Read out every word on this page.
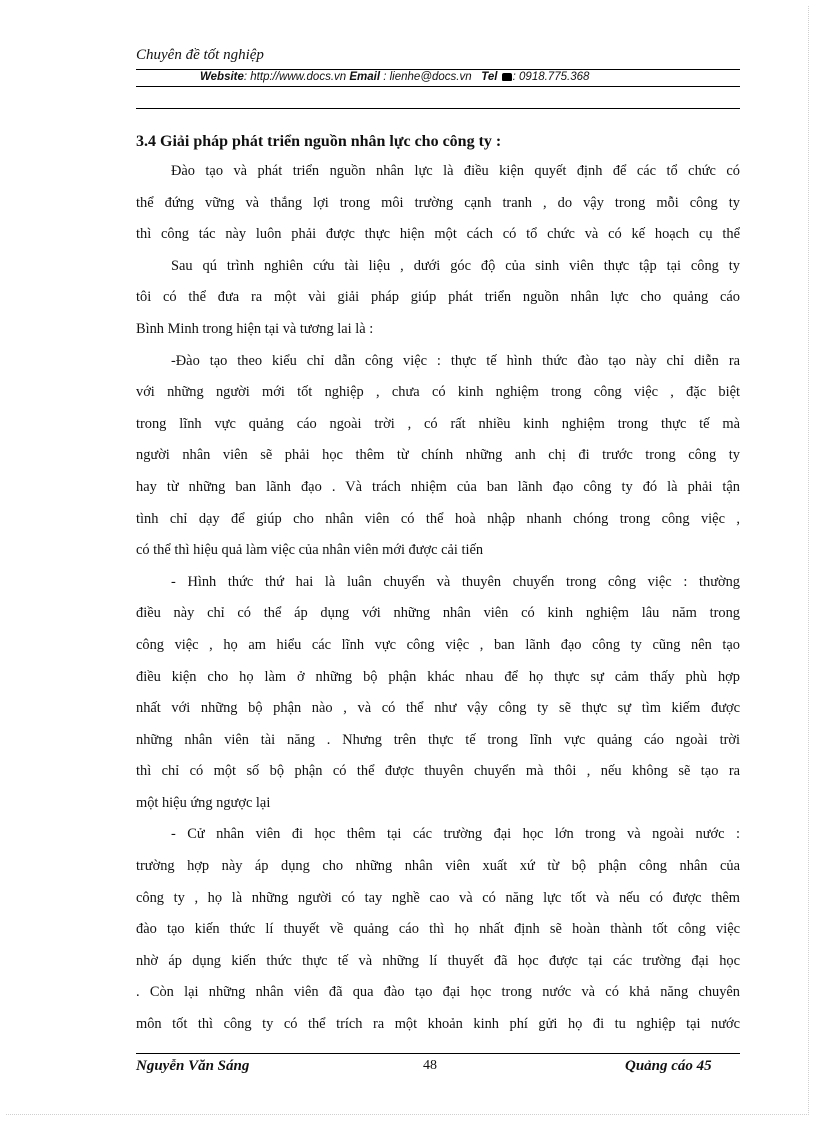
Chuyên đề tốt nghiệp
Website: http://www.docs.vn Email : lienhe@docs.vn Tel : 0918.775.368
3.4 Giải pháp phát triển nguồn nhân lực cho công ty :
Đào tạo và phát triển nguồn nhân lực là điều kiện quyết định để các tổ chức có
thể đứng vững và thắng lợi trong môi trường cạnh tranh , do vậy trong mỗi công ty
thì công tác này luôn phải được thực hiện một cách có tổ chức và có kế hoạch cụ thể
Sau qú trình nghiên cứu tài liệu , dưới góc độ của sinh viên thực tập tại công ty
tôi có thể đưa ra một vài giải pháp giúp phát triển nguồn nhân lực cho quảng cáo
Bình Minh trong hiện tại và tương lai là :
-Đào tạo theo kiểu chỉ dẫn công việc : thực tế hình thức đào tạo này chỉ diễn ra
với những người mới tốt nghiệp , chưa có kinh nghiệm trong công việc , đặc biệt
trong lĩnh vực quảng cáo ngoài trời , có rất nhiều kinh nghiệm trong thực tế mà
người nhân viên sẽ phải học thêm từ chính những anh chị đi trước trong công ty
hay từ những ban lãnh đạo . Và trách nhiệm của ban lãnh đạo công ty đó là phải tận
tình chỉ dạy để giúp cho nhân viên có thể hoà nhập nhanh chóng trong công việc ,
có thể thì hiệu quả làm việc của nhân viên mới được cải tiến
- Hình thức thứ hai là luân chuyển và thuyên chuyển trong công việc : thường
điều này chỉ có thể áp dụng với những nhân viên có kinh nghiệm lâu năm trong
công việc , họ am hiểu các lĩnh vực công việc , ban lãnh đạo công ty cũng nên tạo
điều kiện cho họ làm ở những bộ phận khác nhau để họ thực sự cảm thấy phù hợp
nhất với những bộ phận nào , và có thể như vậy công ty sẽ thực sự tìm kiếm được
những nhân viên tài năng . Nhưng trên thực tế trong lĩnh vực quảng cáo ngoài trời
thì chỉ có một số bộ phận có thể được thuyên chuyển mà thôi , nếu không sẽ tạo ra
một hiệu ứng ngược lại
- Cử nhân viên đi học thêm tại các trường đại học lớn trong và ngoài nước :
trường hợp này áp dụng cho những nhân viên xuất xứ từ bộ phận công nhân của
công ty , họ là những người có tay nghề cao và có năng lực tốt và nếu có được thêm
đào tạo kiến thức lí thuyết về quảng cáo thì họ nhất định sẽ hoàn thành tốt công việc
nhờ áp dụng kiến thức thực tế và những lí thuyết đã học được tại các trường đại học
. Còn lại những nhân viên đã qua đào tạo đại học trong nước và có khả năng chuyên
môn tốt thì công ty có thể trích ra một khoản kinh phí gửi họ đi tu nghiệp tại nước
Nguyễn Văn Sáng	48	Quảng cáo 45
